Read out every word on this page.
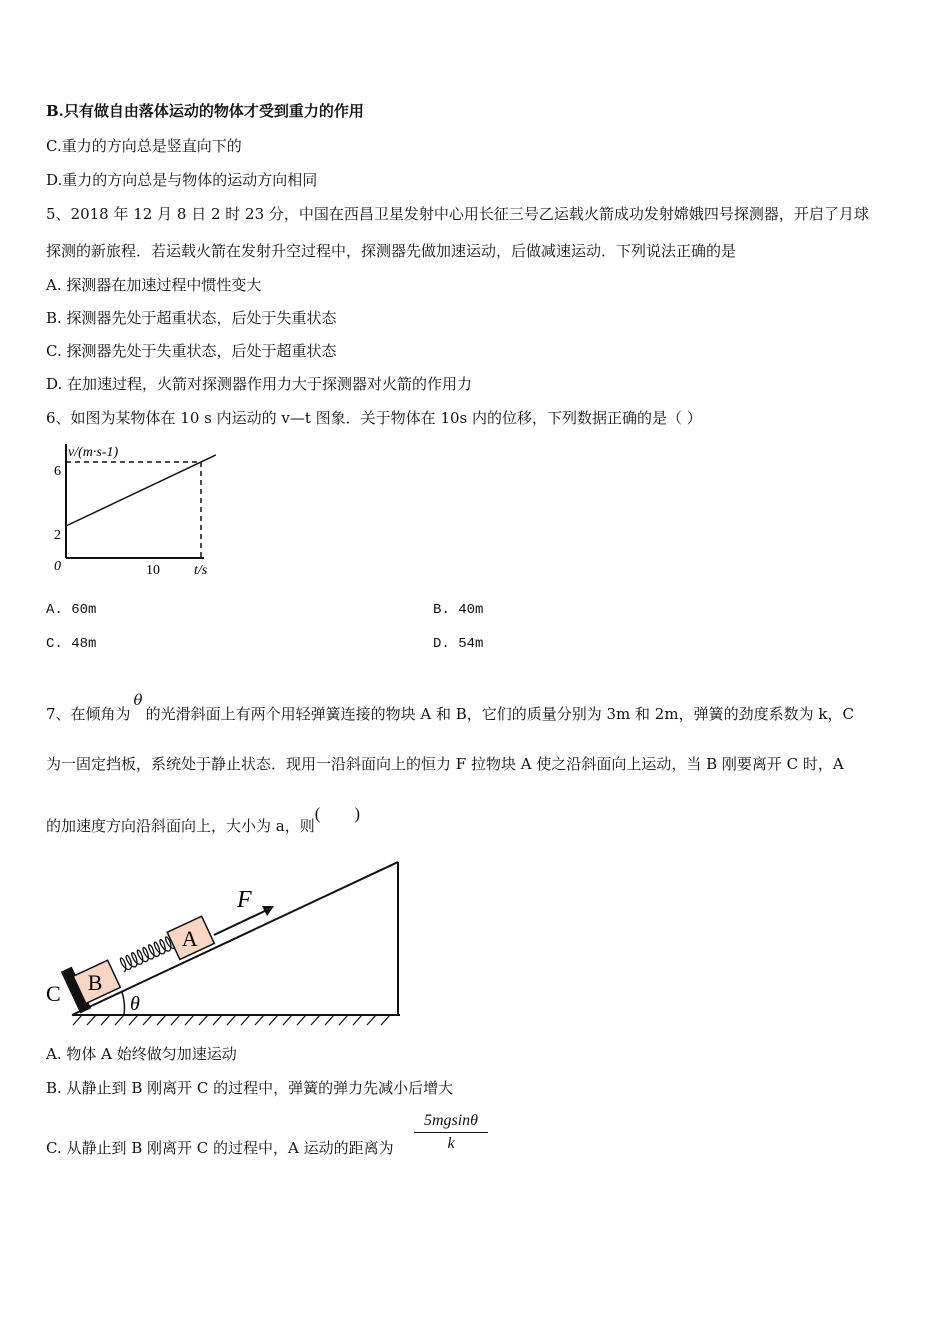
B.只有做自由落体运动的物体才受到重力的作用
C.重力的方向总是竖直向下的
D.重力的方向总是与物体的运动方向相同
5、2018 年 12 月 8 日 2 时 23 分，中国在西昌卫星发射中心用长征三号乙运载火箭成功发射嫦娥四号探测器，开启了月球
探测的新旅程．若运载火箭在发射升空过程中，探测器先做加速运动，后做减速运动．下列说法正确的是
A. 探测器在加速过程中惯性变大
B. 探测器先处于超重状态，后处于失重状态
C. 探测器先处于失重状态，后处于超重状态
D. 在加速过程，火箭对探测器作用力大于探测器对火箭的作用力
6、如图为某物体在 10 s 内运动的 v—t 图象．关于物体在 10s 内的位移，下列数据正确的是（ ）
v/(m·s-1)
6
2
0	10 t/s
A. 60m	B. 40m
C. 48m	D. 54m
7、在倾角为θ的光滑斜面上有两个用轻弹簧连接的物块 A 和 B，它们的质量分别为 3m 和 2m，弹簧的劲度系数为 k，C
为一固定挡板，系统处于静止状态．现用一沿斜面向上的恒力 F 拉物块 A 使之沿斜面向上运动，当 B 刚要离开 C 时，A
的加速度方向沿斜面向上，大小为 a，则(        )
θ
C B
A
F
A. 物体 A 始终做匀加速运动
B. 从静止到 B 刚离开 C 的过程中，弹簧的弹力先减小后增大
C. 从静止到 B 刚离开 C 的过程中，A 运动的距离为 $\frac{5mgsin\theta}{k}$
